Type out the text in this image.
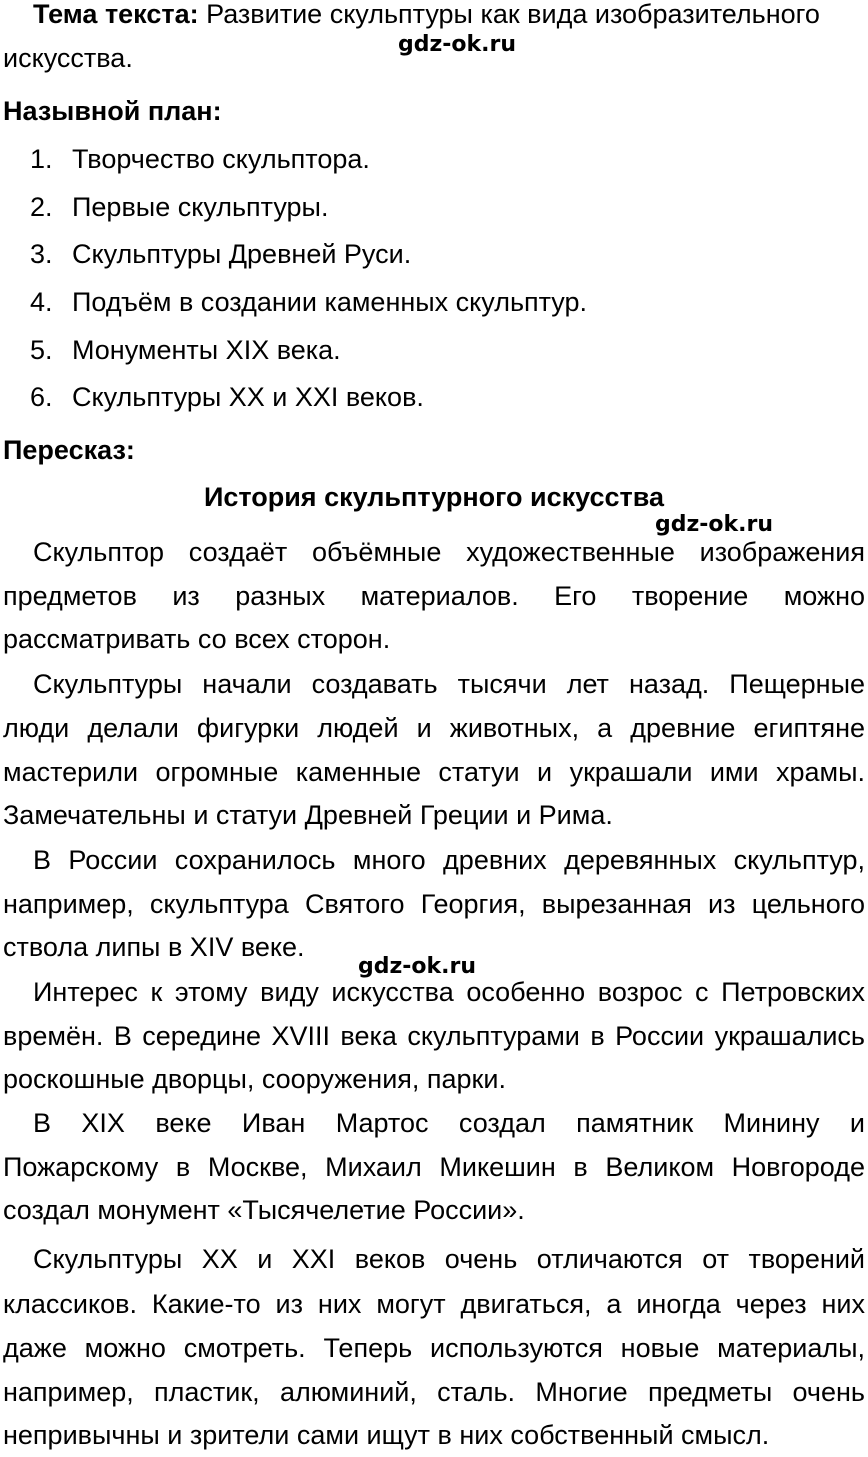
Тема текста: Развитие скульптуры как вида изобразительного
искусства.	gdz-ok.ru
Назывной план:
1. Творчество скульптора.
2. Первые скульптуры.
3. Скульптуры Древней Руси.
4. Подъём в создании каменных скульптур.
5. Монументы XIX века.
6. Скульптуры XX и XXI веков.
Пересказ:
История скульптурного искусства
gdz-ok.ru
Скульптор создаёт объёмные художественные изображения
предметов из разных материалов. Его творение можно
рассматривать со всех сторон.
Скульптуры начали создавать тысячи лет назад. Пещерные
люди делали фигурки людей и животных, а древние египтяне
мастерили огромные каменные статуи и украшали ими храмы.
Замечательны и статуи Древней Греции и Рима.
В России сохранилось много древних деревянных скульптур,
например, скульптура Святого Георгия, вырезанная из цельного
ствола липы в XIV веке.
gdz-ok.ru
Интерес к этому виду искусства особенно возрос с Петровских
времён. В середине XVIII века скульптурами в России украшались
роскошные дворцы, сооружения, парки.
В XIX веке Иван Мартос создал памятник Минину и
Пожарскому в Москве, Михаил Микешин в Великом Новгороде
создал монумент «Тысячелетие России».
Скульптуры XX и XXI веков очень отличаются от творений
классиков. Какие-то из них могут двигаться, а иногда через них
даже можно смотреть. Теперь используются новые материалы,
например, пластик, алюминий, сталь. Многие предметы очень
непривычны и зрители сами ищут в них собственный смысл.
